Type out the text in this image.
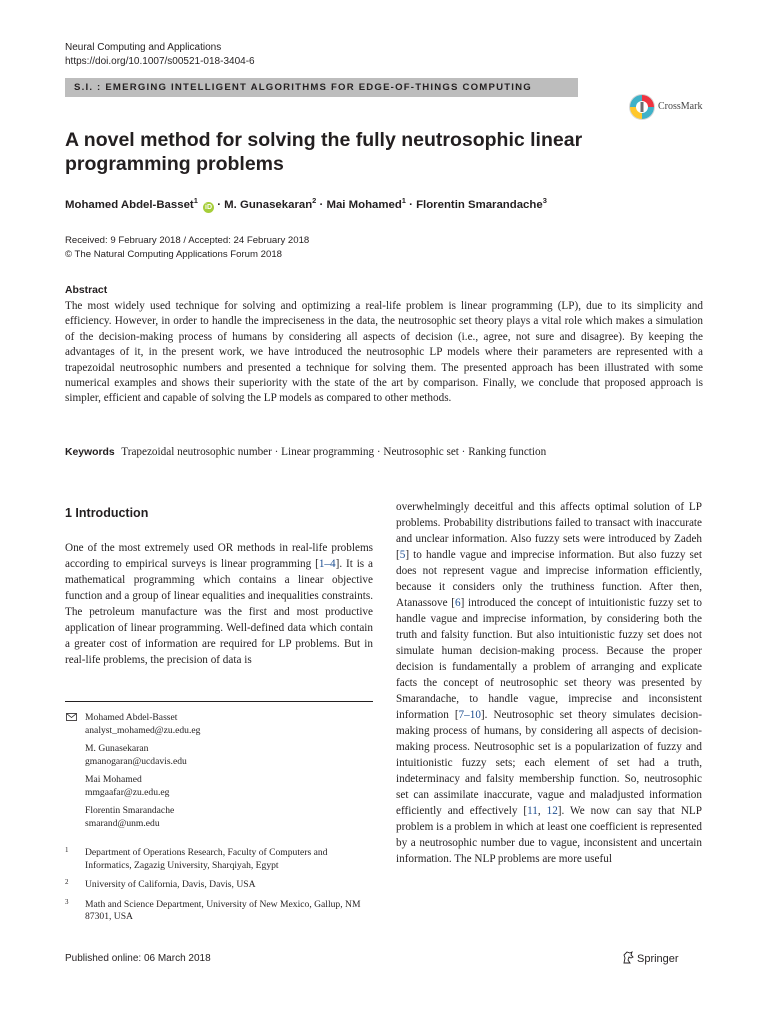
Neural Computing and Applications
https://doi.org/10.1007/s00521-018-3404-6
S.I. : EMERGING INTELLIGENT ALGORITHMS FOR EDGE-OF-THINGS COMPUTING
CrossMark
A novel method for solving the fully neutrosophic linear programming problems
Mohamed Abdel-Basset$^1$ iD · M. Gunasekaran$^2$ · Mai Mohamed$^1$ · Florentin Smarandache$^3$
Received: 9 February 2018 / Accepted: 24 February 2018
© The Natural Computing Applications Forum 2018
Abstract
The most widely used technique for solving and optimizing a real-life problem is linear programming (LP), due to its simplicity and efficiency. However, in order to handle the impreciseness in the data, the neutrosophic set theory plays a vital role which makes a simulation of the decision-making process of humans by considering all aspects of decision (i.e., agree, not sure and disagree). By keeping the advantages of it, in the present work, we have introduced the neutrosophic LP models where their parameters are represented with a trapezoidal neutrosophic numbers and presented a technique for solving them. The presented approach has been illustrated with some numerical examples and shows their superiority with the state of the art by comparison. Finally, we conclude that proposed approach is simpler, efficient and capable of solving the LP models as compared to other methods.
Keywords Trapezoidal neutrosophic number · Linear programming · Neutrosophic set · Ranking function
1 Introduction
One of the most extremely used OR methods in real-life problems according to empirical surveys is linear programming [1–4]. It is a mathematical programming which contains a linear objective function and a group of linear equalities and inequalities constraints. The petroleum manufacture was the first and most productive application of linear programming. Well-defined data which contain a greater cost of information are required for LP problems. But in real-life problems, the precision of data is
overwhelmingly deceitful and this affects optimal solution of LP problems. Probability distributions failed to transact with inaccurate and unclear information. Also fuzzy sets were introduced by Zadeh [5] to handle vague and imprecise information. But also fuzzy set does not represent vague and imprecise information efficiently, because it considers only the truthiness function. After then, Atanassove [6] introduced the concept of intuitionistic fuzzy set to handle vague and imprecise information, by considering both the truth and falsity function. But also intuitionistic fuzzy set does not simulate human decision-making process. Because the proper decision is fundamentally a problem of arranging and explicate facts the concept of neutrosophic set theory was presented by Smarandache, to handle vague, imprecise and inconsistent information [7–10]. Neutrosophic set theory simulates decision-making process of humans, by considering all aspects of decision-making process. Neutrosophic set is a popularization of fuzzy and intuitionistic fuzzy sets; each element of set had a truth, indeterminacy and falsity membership function. So, neutrosophic set can assimilate inaccurate, vague and maladjusted information efficiently and effectively [11, 12]. We now can say that NLP problem is a problem in which at least one coefficient is represented by a neutrosophic number due to vague, inconsistent and uncertain information. The NLP problems are more useful
Mohamed Abdel-Basset
analyst_mohamed@zu.edu.eg
M. Gunasekaran
gmanogaran@ucdavis.edu
Mai Mohamed
mmgaafar@zu.edu.eg
Florentin Smarandache
smarand@unm.edu
1 Department of Operations Research, Faculty of Computers and Informatics, Zagazig University, Sharqiyah, Egypt
2 University of California, Davis, Davis, USA
3 Math and Science Department, University of New Mexico, Gallup, NM 87301, USA
Published online: 06 March 2018	Springer
